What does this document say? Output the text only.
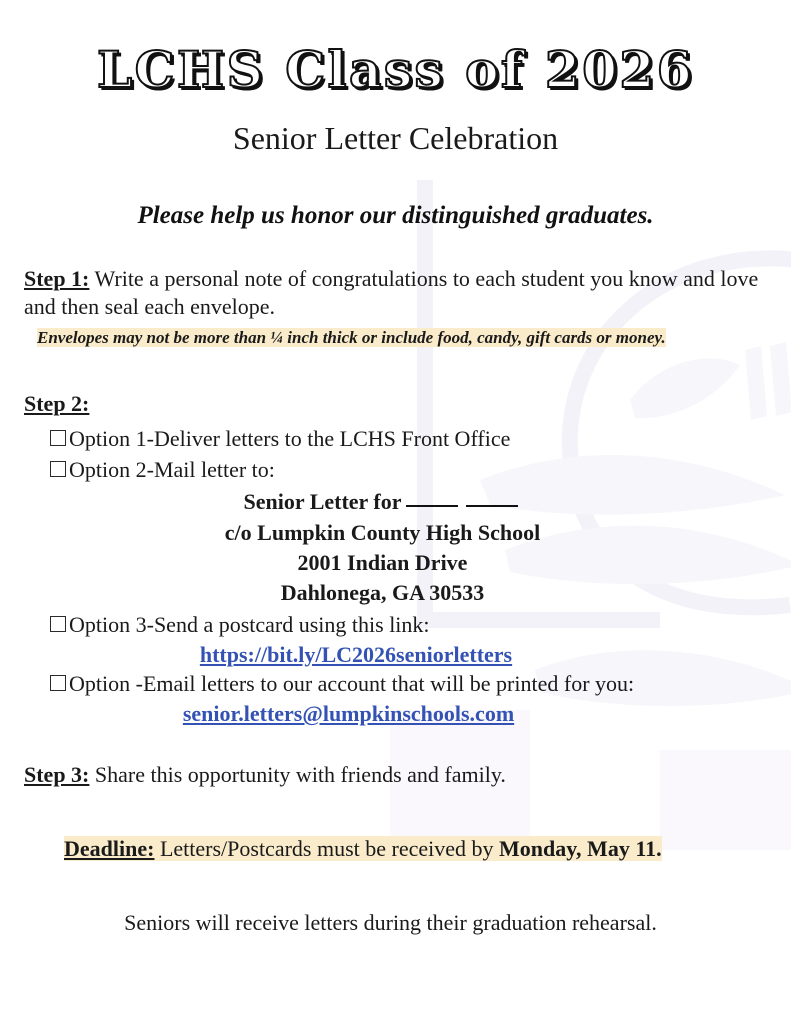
LCHS Class of 2026
Senior Letter Celebration
Please help us honor our distinguished graduates.

Step 1: Write a personal note of congratulations to each student you know and love and then seal each envelope.

Envelopes may not be more than ¼ inch thick or include food, candy, gift cards or money.

Step 2:

Option 1-Deliver letters to the LCHS Front Office
Option 2-Mail letter to:
Senior Letter for
c/o Lumpkin County High School
2001 Indian Drive
Dahlonega, GA 30533
Option 3-Send a postcard using this link:
https://bit.ly/LC2026seniorletters
Option -Email letters to our account that will be printed for you:
senior.letters@lumpkinschools.com

Step 3: Share this opportunity with friends and family.

Deadline: Letters/Postcards must be received by Monday, May 11.

Seniors will receive letters during their graduation rehearsal.
